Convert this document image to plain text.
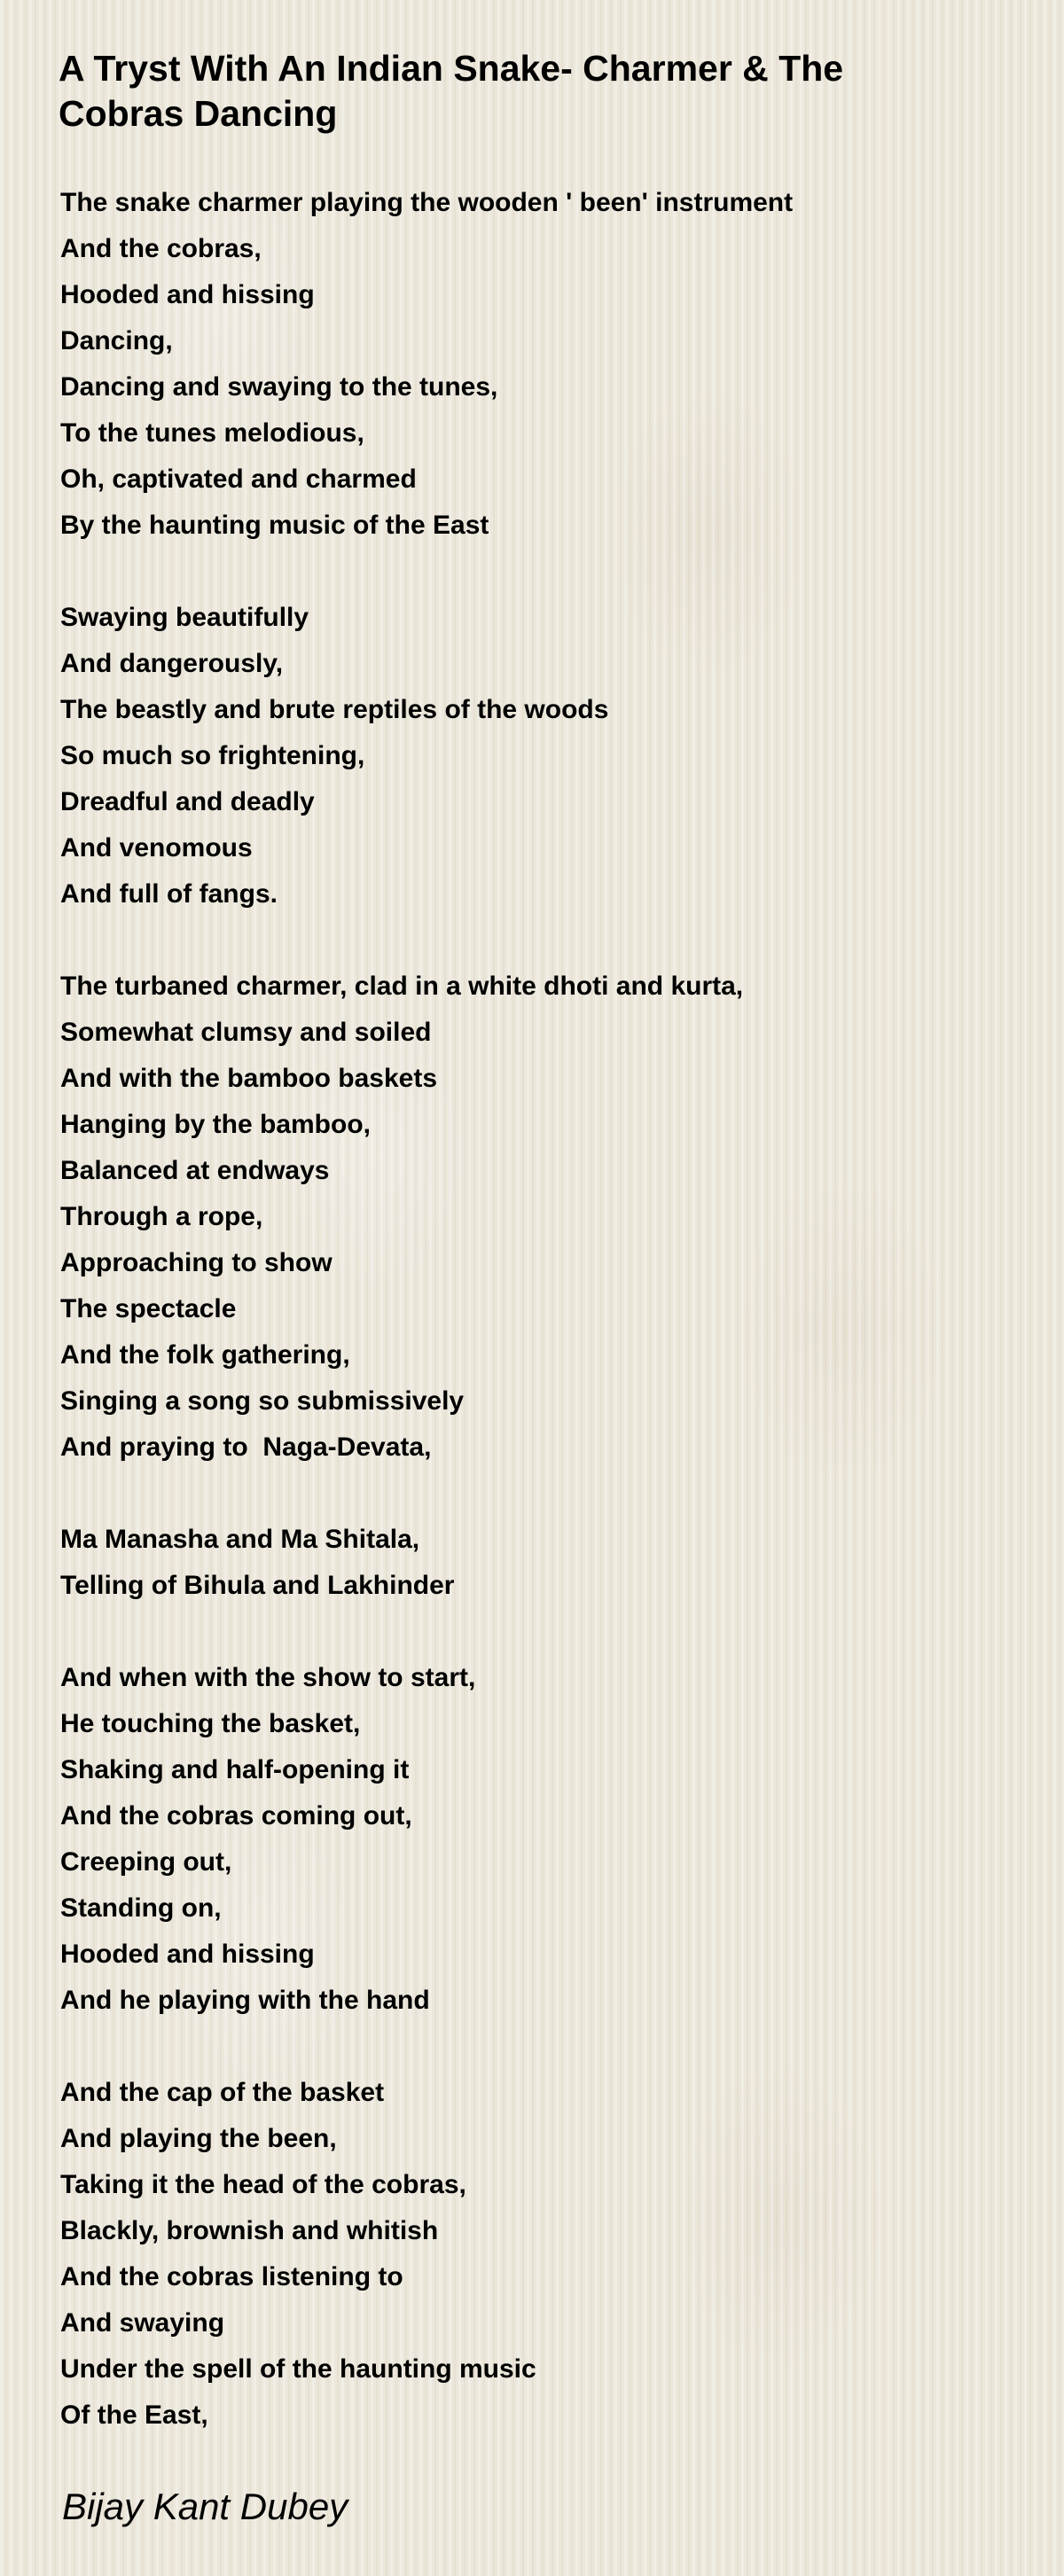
A Tryst With An Indian Snake- Charmer & The Cobras Dancing
The snake charmer playing the wooden ' been' instrument
And the cobras,
Hooded and hissing
Dancing,
Dancing and swaying to the tunes,
To the tunes melodious,
Oh, captivated and charmed
By the haunting music of the East
Swaying beautifully
And dangerously,
The beastly and brute reptiles of the woods
So much so frightening,
Dreadful and deadly
And venomous
And full of fangs.
The turbaned charmer, clad in a white dhoti and kurta,
Somewhat clumsy and soiled
And with the bamboo baskets
Hanging by the bamboo,
Balanced at endways
Through a rope,
Approaching to show
The spectacle
And the folk gathering,
Singing a song so submissively
And praying to  Naga-Devata,
Ma Manasha and Ma Shitala,
Telling of Bihula and Lakhinder
And when with the show to start,
He touching the basket,
Shaking and half-opening it
And the cobras coming out,
Creeping out,
Standing on,
Hooded and hissing
And he playing with the hand
And the cap of the basket
And playing the been,
Taking it the head of the cobras,
Blackly, brownish and whitish
And the cobras listening to
And swaying
Under the spell of the haunting music
Of the East,
Bijay Kant Dubey
